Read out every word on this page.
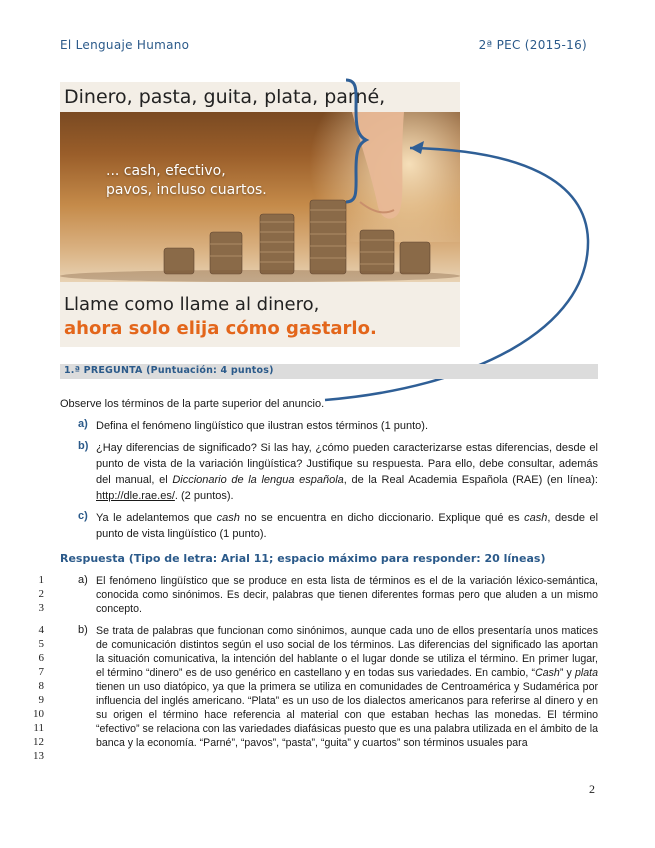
El Lenguaje Humano	2ª PEC (2015-16)
Dinero, pasta, guita, plata, parné,
... cash, efectivo,
pavos, incluso cuartos.
Llame como llame al dinero,
ahora solo elija cómo gastarlo.
1.ª PREGUNTA (Puntuación: 4 puntos)
Observe los términos de la parte superior del anuncio.
a) Defina el fenómeno lingüístico que ilustran estos términos (1 punto).
b) ¿Hay diferencias de significado? Si las hay, ¿cómo pueden caracterizarse estas diferencias, desde el punto de vista de la variación lingüística? Justifique su respuesta. Para ello, debe consultar, además del manual, el Diccionario de la lengua española, de la Real Academia Española (RAE) (en línea): http://dle.rae.es/. (2 puntos).
c) Ya le adelantemos que cash no se encuentra en dicho diccionario. Explique qué es cash, desde el punto de vista lingüístico (1 punto).
Respuesta (Tipo de letra: Arial 11; espacio máximo para responder: 20 líneas)
1
2
3
4
5
6
7
8
9
10
11
12
13
a) El fenómeno lingüístico que se produce en esta lista de términos es el de la variación léxico-semántica, conocida como sinónimos. Es decir, palabras que tienen diferentes formas pero que aluden a un mismo concepto.
b) Se trata de palabras que funcionan como sinónimos, aunque cada uno de ellos presentaría unos matices de comunicación distintos según el uso social de los términos. Las diferencias del significado las aportan la situación comunicativa, la intención del hablante o el lugar donde se utiliza el término. En primer lugar, el término “dinero” es de uso genérico en castellano y en todas sus variedades. En cambio, “Cash” y plata tienen un uso diatópico, ya que la primera se utiliza en comunidades de Centroamérica y Sudamérica por influencia del inglés americano. “Plata” es un uso de los dialectos americanos para referirse al dinero y en su origen el término hace referencia al material con que estaban hechas las monedas. El término “efectivo” se relaciona con las variedades diafásicas puesto que es una palabra utilizada en el ámbito de la banca y la economía. “Parné”, “pavos”, “pasta”, “guita” y cuartos” son términos usuales para
2
